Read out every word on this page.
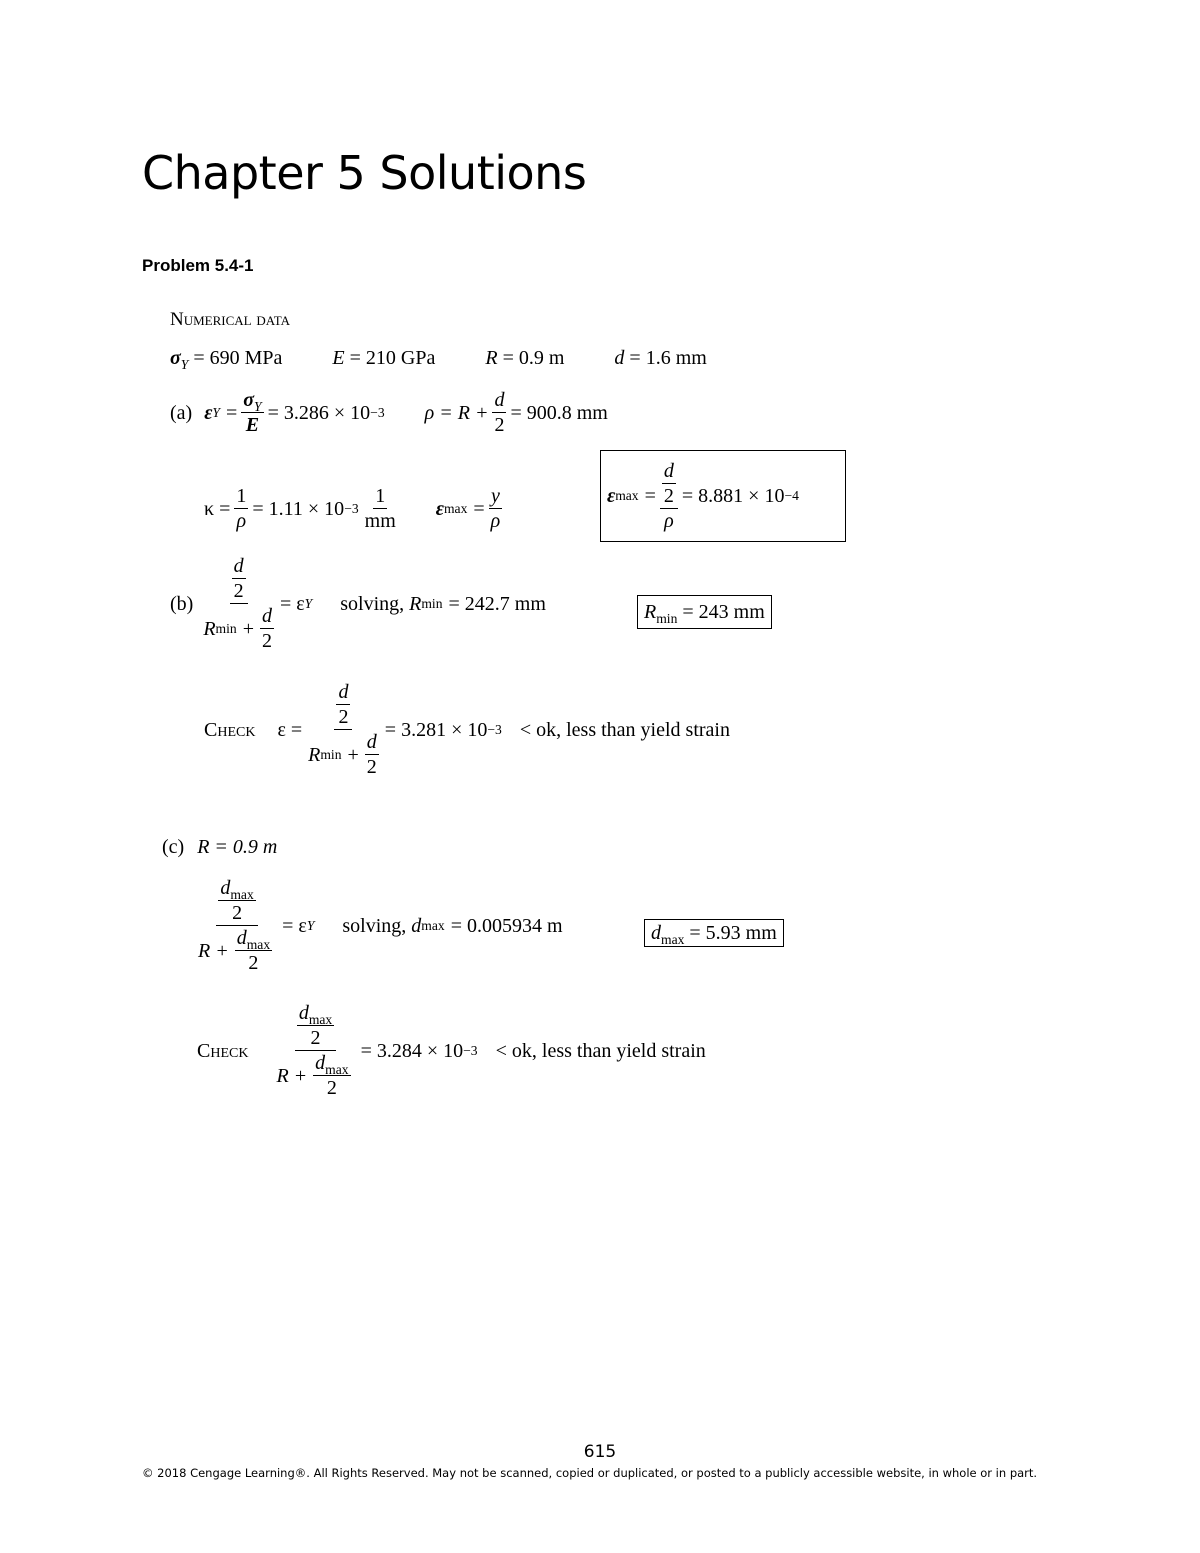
Chapter 5 Solutions
Problem 5.4-1
Numerical data
$\sigma_Y = 690$ MPa	E = 210 GPa	R = 0.9 m	d = 1.6 mm
(a) ε $Y = \frac{\sigma_Y}{E} = 3.286 \times 10 -3$ $\rho = R + \frac{d}{2} = 900.8$ mm
$\kappa = \frac{1}{\rho} = 1.11 \times 10 -3 \frac{1}{mm}$ ε $\max = \frac{y}{\rho}$	ε $\max = \frac{\frac{d}{2}}{\rho} = 8.881 \times 10 -4$
$(b) \frac{\frac{d}{2}}{R \min + \frac{d}{2}} = \varepsilon$ Y solving, R min = 242.7 mm	$R_{min} = 243$ mm
Check $\varepsilon = \frac{\frac{d}{2}}{R \min + \frac{d}{2}} = 3.281 \times 10 -3$ < ok, less than yield strain
(c) R = 0.9 m
$\frac{\frac{d_{max}}{2}}{R + \frac{d_{max}}{2}} = \varepsilon$ Y solving, d max = 0.005934 m	$d_{max} = 5.93$ mm
Check $\frac{\frac{d_{max}}{2}}{R + \frac{d_{max}}{2}} = 3.284 \times 10 -3$ < ok, less than yield strain
615
© 2018 Cengage Learning®. All Rights Reserved. May not be scanned, copied or duplicated, or posted to a publicly accessible website, in whole or in part.
